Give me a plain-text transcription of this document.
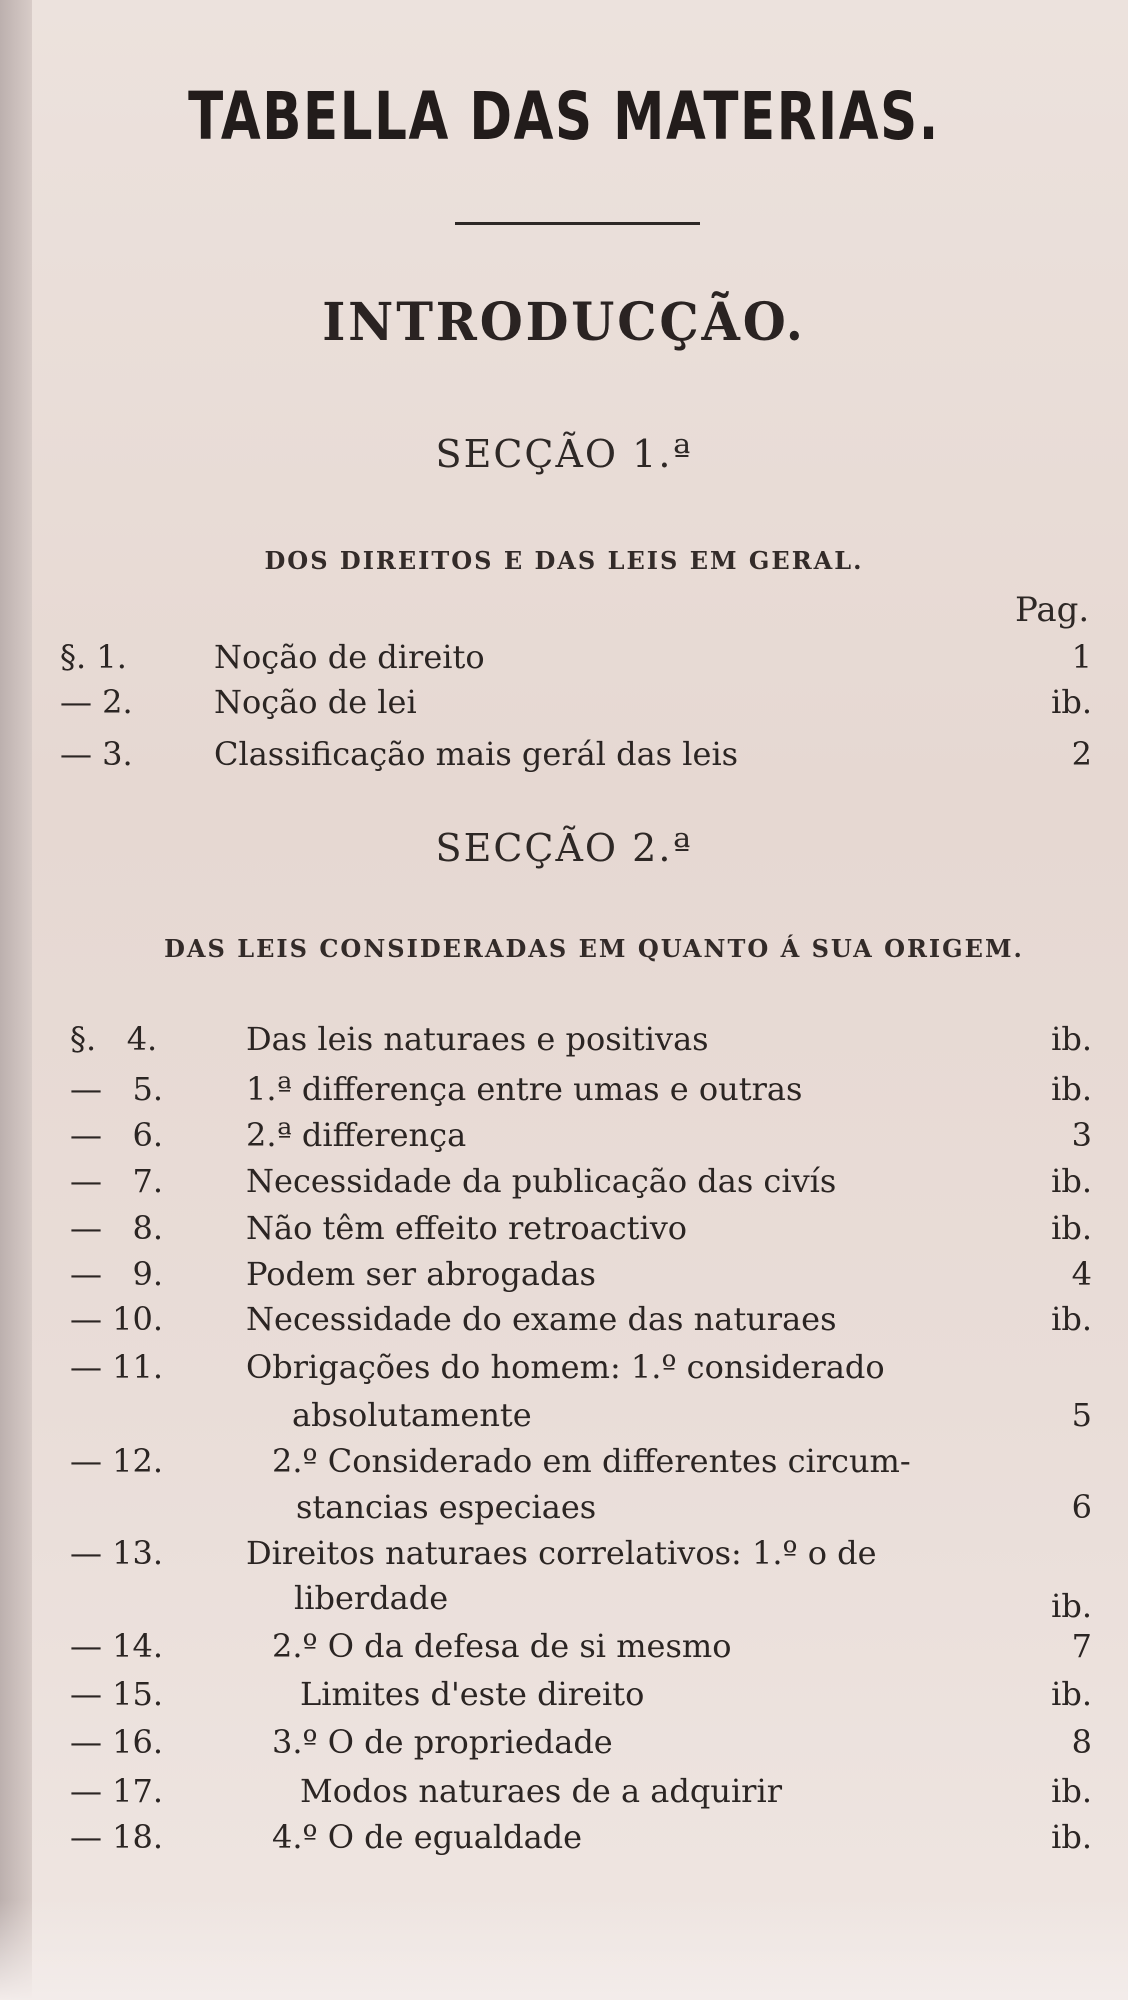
TABELLA DAS MATERIAS.
INTRODUCÇÃO.
SECÇÃO 1.ª
DOS DIREITOS E DAS LEIS EM GERAL.
Pag.
§. 1.	Noção de direito	1
— 2.	Noção de lei	ib.
— 3.	Classificação mais gerál das leis	2
SECÇÃO 2.ª
DAS LEIS CONSIDERADAS EM QUANTO Á SUA ORIGEM.
§.   4.	Das leis naturaes e positivas	ib.
—   5.	1.ª differença entre umas e outras	ib.
—   6.	2.ª differença	3
—   7.	Necessidade da publicação das civís	ib.
—   8.	Não têm effeito retroactivo	ib.
—   9.	Podem ser abrogadas	4
— 10.	Necessidade do exame das naturaes	ib.
— 11.	Obrigações do homem: 1.º considerado
absolutamente	5
— 12.	2.º Considerado em differentes circum-
stancias especiaes	6
— 13.	Direitos naturaes correlativos: 1.º o de
liberdade	ib.
— 14.	2.º O da defesa de si mesmo	7
— 15.	Limites d'este direito	ib.
— 16.	3.º O de propriedade	8
— 17.	Modos naturaes de a adquirir	ib.
— 18.	4.º O de egualdade	ib.
